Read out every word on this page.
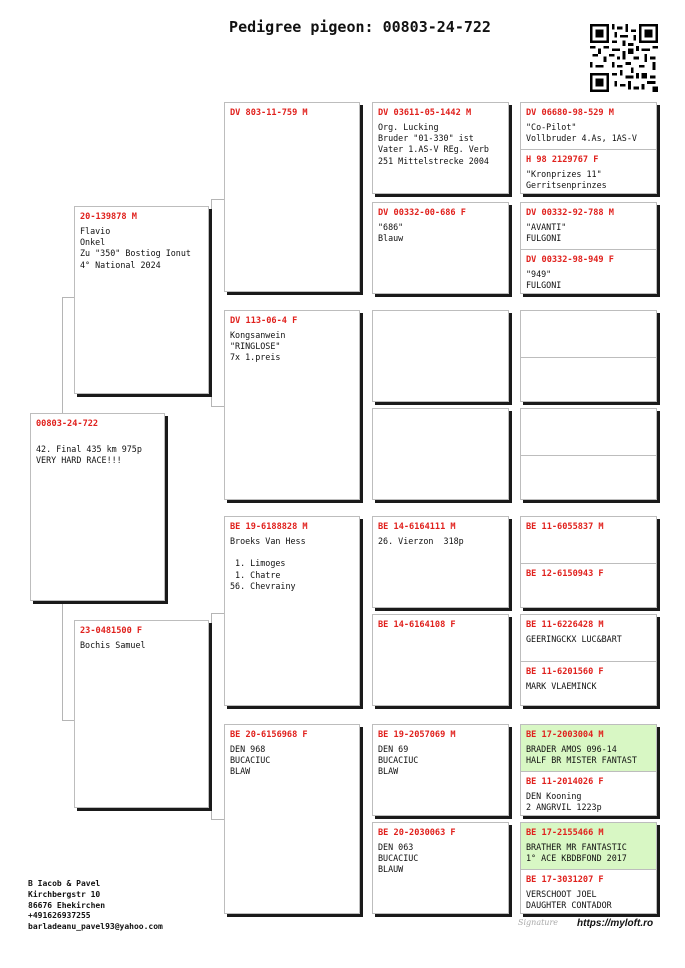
Pedigree pigeon: 00803-24-722
00803-24-722

42. Final 435 km 975p
VERY HARD RACE!!!
20-139878 M
Flavio
Onkel
Zu "350" Bostiog Ionut
4° National 2024
23-0481500 F
Bochis Samuel
DV 803-11-759 M
DV 113-06-4 F
Kongsanwein
"RINGLOSE"
7x 1.preis
BE 19-6188828 M
Broeks Van Hess

1. Limoges
1. Chatre
56. Chevrainy
BE 20-6156968 F
DEN 968
BUCACIUC
BLAW
DV 03611-05-1442 M
Org. Lucking
Bruder "01-330" ist
Vater 1.AS-V REg. Verb
251 Mittelstrecke 2004
DV 00332-00-686 F
"686"
Blauw
BE 14-6164111 M
26. Vierzon  318p
BE 14-6164108 F
BE 19-2057069 M
DEN 69
BUCACIUC
BLAW
BE 20-2030063 F
DEN 063
BUCACIUC
BLAUW
DV 06680-98-529 M
"Co-Pilot"
Vollbruder 4.As, 1AS-V
H 98 2129767 F
"Kronprizes 11"
Gerritsenprinzes
DV 00332-92-788 M
"AVANTI"
FULGONI
DV 00332-98-949 F
"949"
FULGONI
BE 11-6055837 M
BE 12-6150943 F
BE 11-6226428 M
GEERINGCKX LUC&BART
BE 11-6201560 F
MARK VLAEMINCK
BE 17-2003004 M
BRADER AMOS 096-14
HALF BR MISTER FANTAST
BE 11-2014026 F
DEN Kooning
2 ANGRVIL 1223p
BE 17-2155466 M
BRATHER MR FANTASTIC
1° ACE KBDBFOND 2017
BE 17-3031207 F
VERSCHOOT JOEL
DAUGHTER CONTADOR
B Iacob & Pavel
Kirchbergstr 10
86676 Ehekirchen
+491626937255
barladeanu_pavel93@yahoo.com	Signature https://myloft.ro
